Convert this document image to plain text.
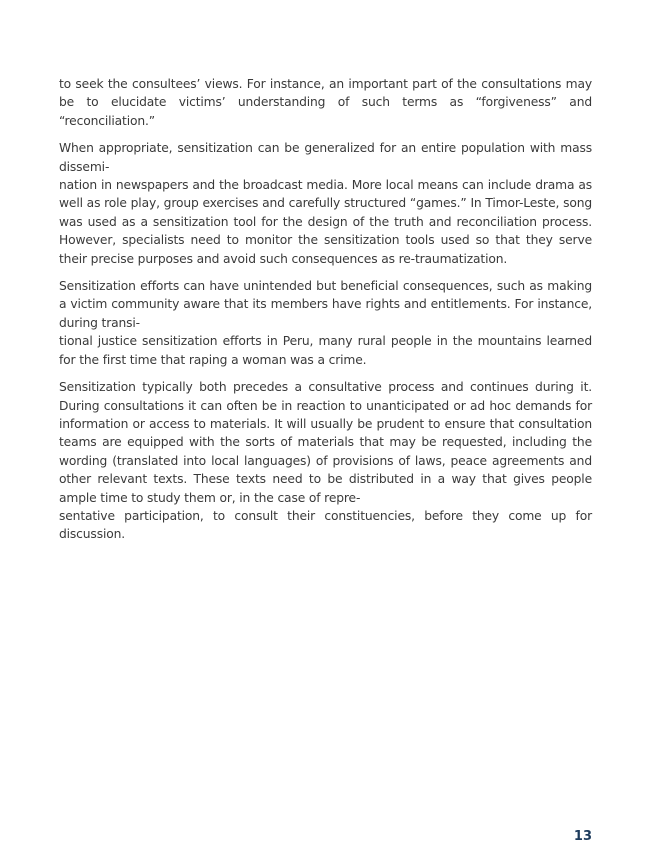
to seek the consultees’ views. For instance, an important part of the consultations may be to elucidate victims’ understanding of such terms as “forgiveness” and “reconciliation.”

When appropriate, sensitization can be generalized for an entire population with mass dissemi-
nation in newspapers and the broadcast media. More local means can include drama as well as role play, group exercises and carefully structured “games.” In Timor-Leste, song was used as a sensitization tool for the design of the truth and reconciliation process. However, specialists need to monitor the sensitization tools used so that they serve their precise purposes and avoid such consequences as re-traumatization.

Sensitization efforts can have unintended but beneficial consequences, such as making a victim community aware that its members have rights and entitlements. For instance, during transi-
tional justice sensitization efforts in Peru, many rural people in the mountains learned for the first time that raping a woman was a crime.

Sensitization typically both precedes a consultative process and continues during it. During consultations it can often be in reaction to unanticipated or ad hoc demands for information or access to materials. It will usually be prudent to ensure that consultation teams are equipped with the sorts of materials that may be requested, including the wording (translated into local languages) of provisions of laws, peace agreements and other relevant texts. These texts need to be distributed in a way that gives people ample time to study them or, in the case of repre-
sentative participation, to consult their constituencies, before they come up for discussion.

13
